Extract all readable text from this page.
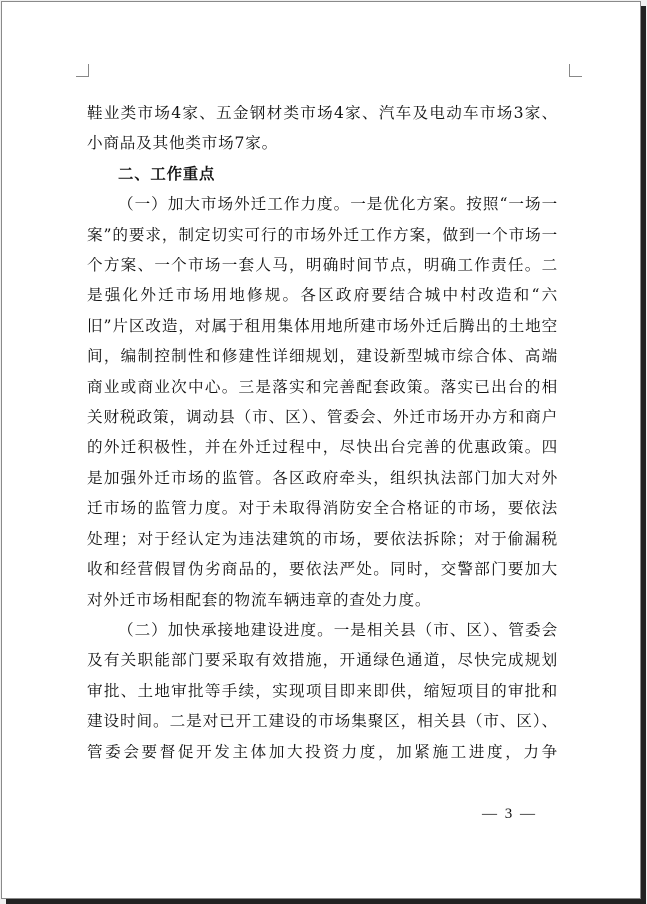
鞋业类市场4家、五金钢材类市场4家、汽车及电动车市场3家、小商品及其他类市场7家。

二、工作重点

（一）加大市场外迁工作力度。一是优化方案。按照“一场一案”的要求，制定切实可行的市场外迁工作方案，做到一个市场一个方案、一个市场一套人马，明确时间节点，明确工作责任。二是强化外迁市场用地修规。各区政府要结合城中村改造和“六旧”片区改造，对属于租用集体用地所建市场外迁后腾出的土地空间，编制控制性和修建性详细规划，建设新型城市综合体、高端商业或商业次中心。三是落实和完善配套政策。落实已出台的相关财税政策，调动县（市、区）、管委会、外迁市场开办方和商户的外迁积极性，并在外迁过程中，尽快出台完善的优惠政策。四是加强外迁市场的监管。各区政府牵头，组织执法部门加大对外迁市场的监管力度。对于未取得消防安全合格证的市场，要依法处理；对于经认定为违法建筑的市场，要依法拆除；对于偷漏税收和经营假冒伪劣商品的，要依法严处。同时，交警部门要加大对外迁市场相配套的物流车辆违章的查处力度。

（二）加快承接地建设进度。一是相关县（市、区）、管委会及有关职能部门要采取有效措施，开通绿色通道，尽快完成规划审批、土地审批等手续，实现项目即来即供，缩短项目的审批和建设时间。二是对已开工建设的市场集聚区，相关县（市、区）、管委会要督促开发主体加大投资力度，加紧施工进度，力争

— 3 —
